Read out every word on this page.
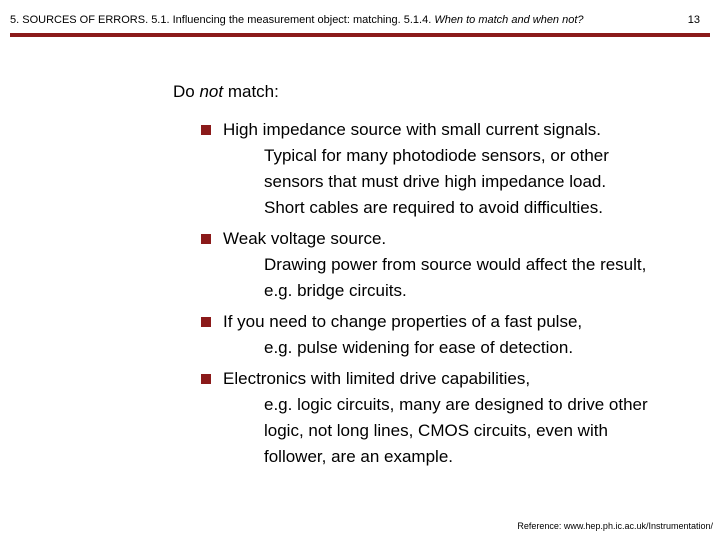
5. SOURCES OF ERRORS. 5.1. Influencing the measurement object: matching. 5.1.4. When to match and when not?	13
Do not match:
High impedance source with small current signals.
Typical for many photodiode sensors, or other
sensors that must drive high impedance load.
Short cables are required to avoid difficulties.
Weak voltage source.
Drawing power from source would affect the result,
e.g. bridge circuits.
If you need to change properties of a fast pulse,
e.g. pulse widening for ease of detection.
Electronics with limited drive capabilities,
e.g. logic circuits, many are designed to drive other
logic, not long lines, CMOS circuits, even with
follower, are an example.
Reference: www.hep.ph.ic.ac.uk/Instrumentation/
